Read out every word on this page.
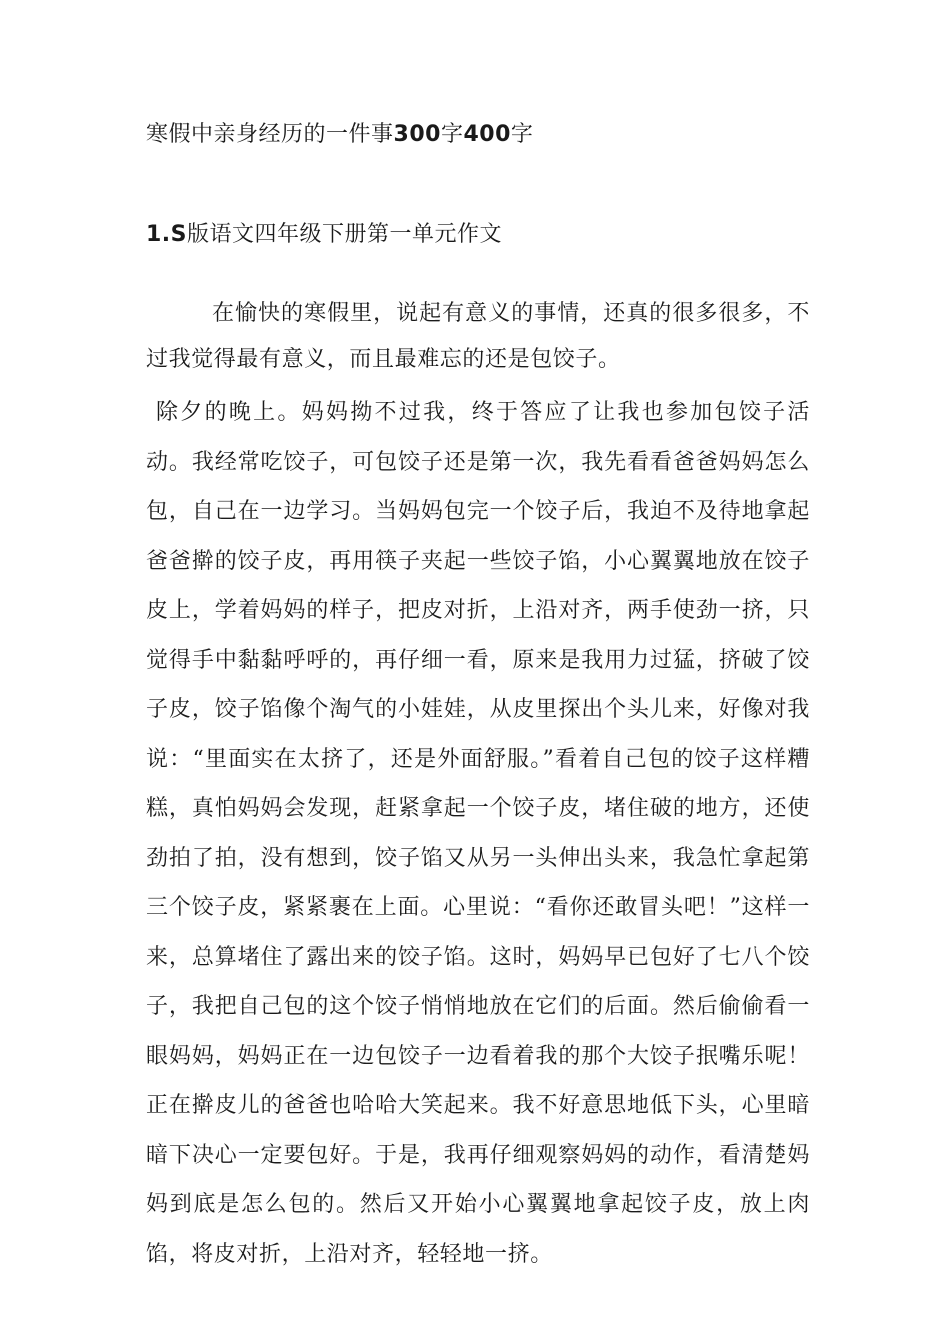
寒假中亲身经历的一件事300字400字
1.S版语文四年级下册第一单元作文

在愉快的寒假里，说起有意义的事情，还真的很多很多，不过我觉得最有意义，而且最难忘的还是包饺子。

除夕的晚上。妈妈拗不过我，终于答应了让我也参加包饺子活动。我经常吃饺子，可包饺子还是第一次，我先看看爸爸妈妈怎么包，自己在一边学习。当妈妈包完一个饺子后，我迫不及待地拿起爸爸擀的饺子皮，再用筷子夹起一些饺子馅，小心翼翼地放在饺子皮上，学着妈妈的样子，把皮对折，上沿对齐，两手使劲一挤，只觉得手中黏黏呼呼的，再仔细一看，原来是我用力过猛，挤破了饺子皮，饺子馅像个淘气的小娃娃，从皮里探出个头儿来，好像对我说：“里面实在太挤了，还是外面舒服。”看着自己包的饺子这样糟糕，真怕妈妈会发现，赶紧拿起一个饺子皮，堵住破的地方，还使劲拍了拍，没有想到，饺子馅又从另一头伸出头来，我急忙拿起第三个饺子皮，紧紧裹在上面。心里说：“看你还敢冒头吧！”这样一来，总算堵住了露出来的饺子馅。这时，妈妈早已包好了七八个饺子，我把自己包的这个饺子悄悄地放在它们的后面。然后偷偷看一眼妈妈，妈妈正在一边包饺子一边看着我的那个大饺子抿嘴乐呢！正在擀皮儿的爸爸也哈哈大笑起来。我不好意思地低下头，心里暗暗下决心一定要包好。于是，我再仔细观察妈妈的动作，看清楚妈妈到底是怎么包的。然后又开始小心翼翼地拿起饺子皮，放上肉馅，将皮对折，上沿对齐，轻轻地一挤。
